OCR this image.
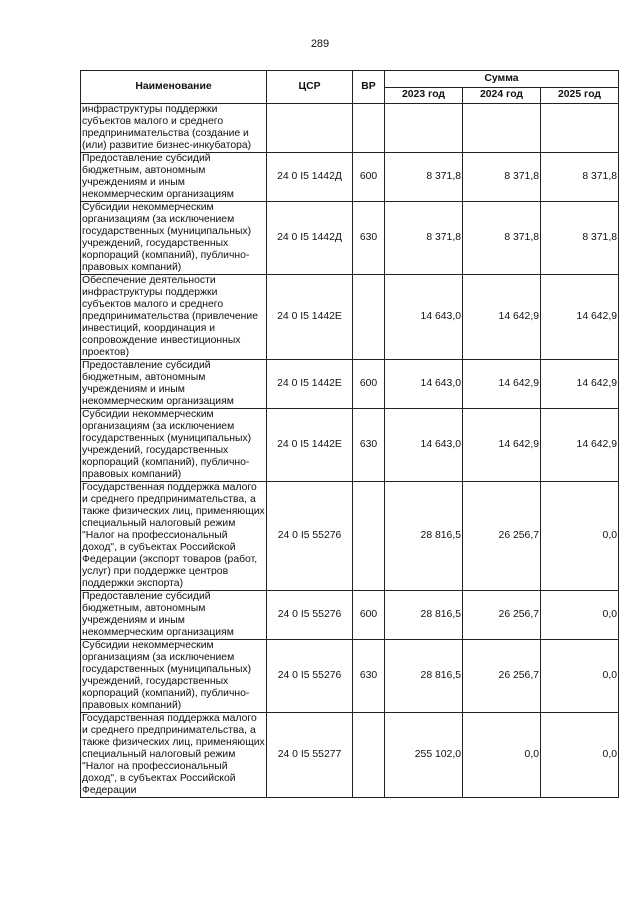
289
Наименование	ЦСР	ВР	Сумма		
			2023 год	2024 год	2025 год
инфраструктуры поддержки субъектов малого и среднего предпринимательства (создание и (или) развитие бизнес-инкубатора)					
Предоставление субсидий бюджетным, автономным учреждениям и иным некоммерческим организациям	24 0 I5 1442Д	600	8 371,8	8 371,8	8 371,8
Субсидии некоммерческим организациям (за исключением государственных (муниципальных) учреждений, государственных корпораций (компаний), публично-правовых компаний)	24 0 I5 1442Д	630	8 371,8	8 371,8	8 371,8
Обеспечение деятельности инфраструктуры поддержки субъектов малого и среднего предпринимательства (привлечение инвестиций, координация и сопровождение инвестиционных проектов)	24 0 I5 1442Е		14 643,0	14 642,9	14 642,9
Предоставление субсидий бюджетным, автономным учреждениям и иным некоммерческим организациям	24 0 I5 1442Е	600	14 643,0	14 642,9	14 642,9
Субсидии некоммерческим организациям (за исключением государственных (муниципальных) учреждений, государственных корпораций (компаний), публично-правовых компаний)	24 0 I5 1442Е	630	14 643,0	14 642,9	14 642,9
Государственная поддержка малого и среднего предпринимательства, а также физических лиц, применяющих специальный налоговый режим "Налог на профессиональный доход", в субъектах Российской Федерации (экспорт товаров (работ, услуг) при поддержке центров поддержки экспорта)	24 0 I5 55276		28 816,5	26 256,7	0,0
Предоставление субсидий бюджетным, автономным учреждениям и иным некоммерческим организациям	24 0 I5 55276	600	28 816,5	26 256,7	0,0
Субсидии некоммерческим организациям (за исключением государственных (муниципальных) учреждений, государственных корпораций (компаний), публично-правовых компаний)	24 0 I5 55276	630	28 816,5	26 256,7	0,0
Государственная поддержка малого и среднего предпринимательства, а также физических лиц, применяющих специальный налоговый режим "Налог на профессиональный доход", в субъектах Российской Федерации	24 0 I5 55277		255 102,0	0,0	0,0
